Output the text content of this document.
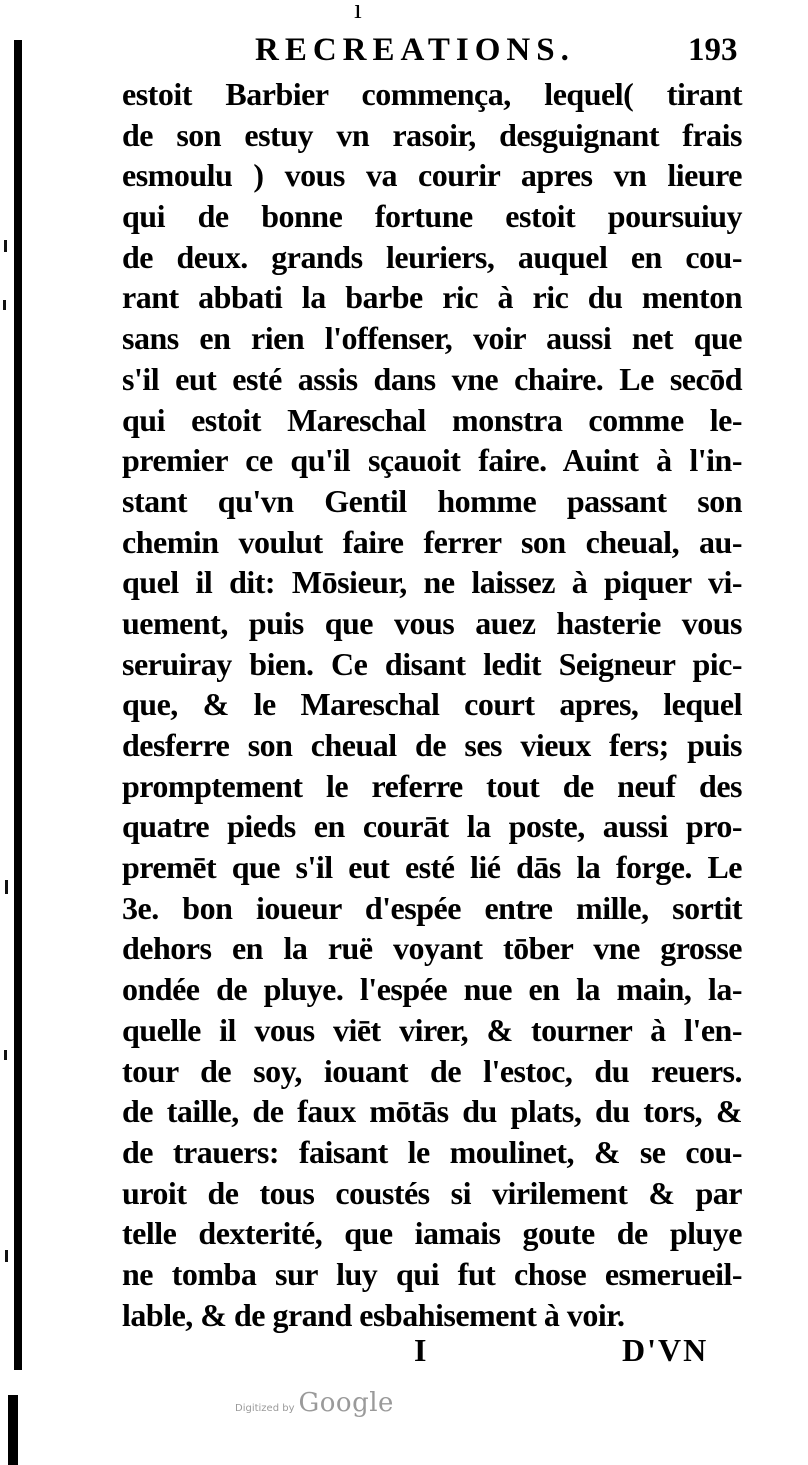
ı
RECREATIONS.	193
estoit Barbier commença, lequel( tirant
de son estuy vn rasoir, desguignant frais
esmoulu ) vous va courir apres vn lieure
qui de bonne fortune estoit poursuiuy
de deux. grands leuriers, auquel en cou-
rant abbati la barbe ric à ric du menton
sans en rien l'offenser, voir aussi net que
s'il eut esté assis dans vne chaire. Le secōd
qui estoit Mareschal monstra comme le-
premier ce qu'il sçauoit faire. Auint à l'in-
stant qu'vn Gentil homme passant son
chemin voulut faire ferrer son cheual, au-
quel il dit: Mōsieur, ne laissez à piquer vi-
uement, puis que vous auez hasterie vous
seruiray bien. Ce disant ledit Seigneur pic-
que, & le Mareschal court apres, lequel
desferre son cheual de ses vieux fers; puis
promptement le referre tout de neuf des
quatre pieds en courāt la poste, aussi pro-
premēt que s'il eut esté lié dās la forge. Le
3e. bon ioueur d'espée entre mille, sortit
dehors en la ruë voyant tōber vne grosse
ondée de pluye. l'espée nue en la main, la-
quelle il vous viēt virer, & tourner à l'en-
tour de soy, iouant de l'estoc, du reuers.
de taille, de faux mōtās du plats, du tors, &
de trauers: faisant le moulinet, & se cou-
uroit de tous coustés si virilement & par
telle dexterité, que iamais goute de pluye
ne tomba sur luy qui fut chose esmerueil-
lable, & de grand esbahisement à voir.
I	D'VN
Digitized by Google
